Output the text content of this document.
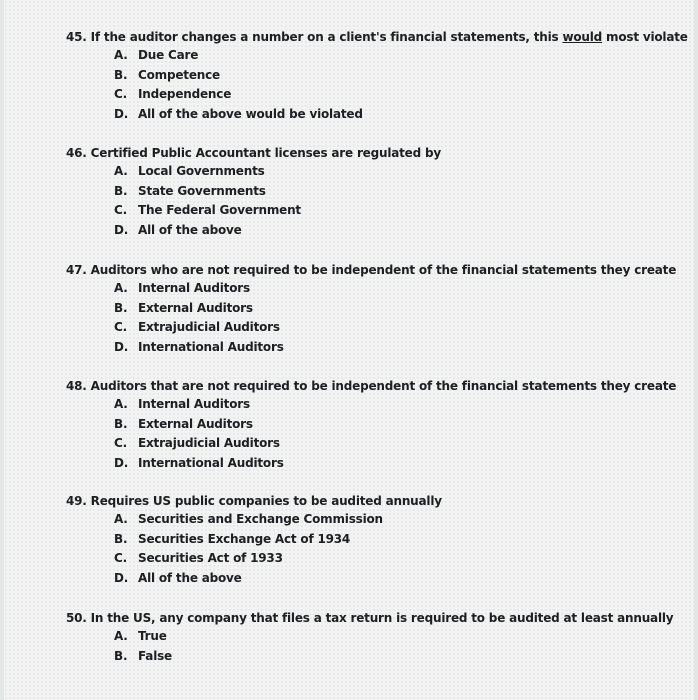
45. If the auditor changes a number on a client's financial statements, this would most violate
A. Due Care
B. Competence
C. Independence
D. All of the above would be violated
46. Certified Public Accountant licenses are regulated by
A. Local Governments
B. State Governments
C. The Federal Government
D. All of the above
47. Auditors who are not required to be independent of the financial statements they create
A. Internal Auditors
B. External Auditors
C. Extrajudicial Auditors
D. International Auditors
48. Auditors that are not required to be independent of the financial statements they create
A. Internal Auditors
B. External Auditors
C. Extrajudicial Auditors
D. International Auditors
49. Requires US public companies to be audited annually
A. Securities and Exchange Commission
B. Securities Exchange Act of 1934
C. Securities Act of 1933
D. All of the above
50. In the US, any company that files a tax return is required to be audited at least annually
A. True
B. False
